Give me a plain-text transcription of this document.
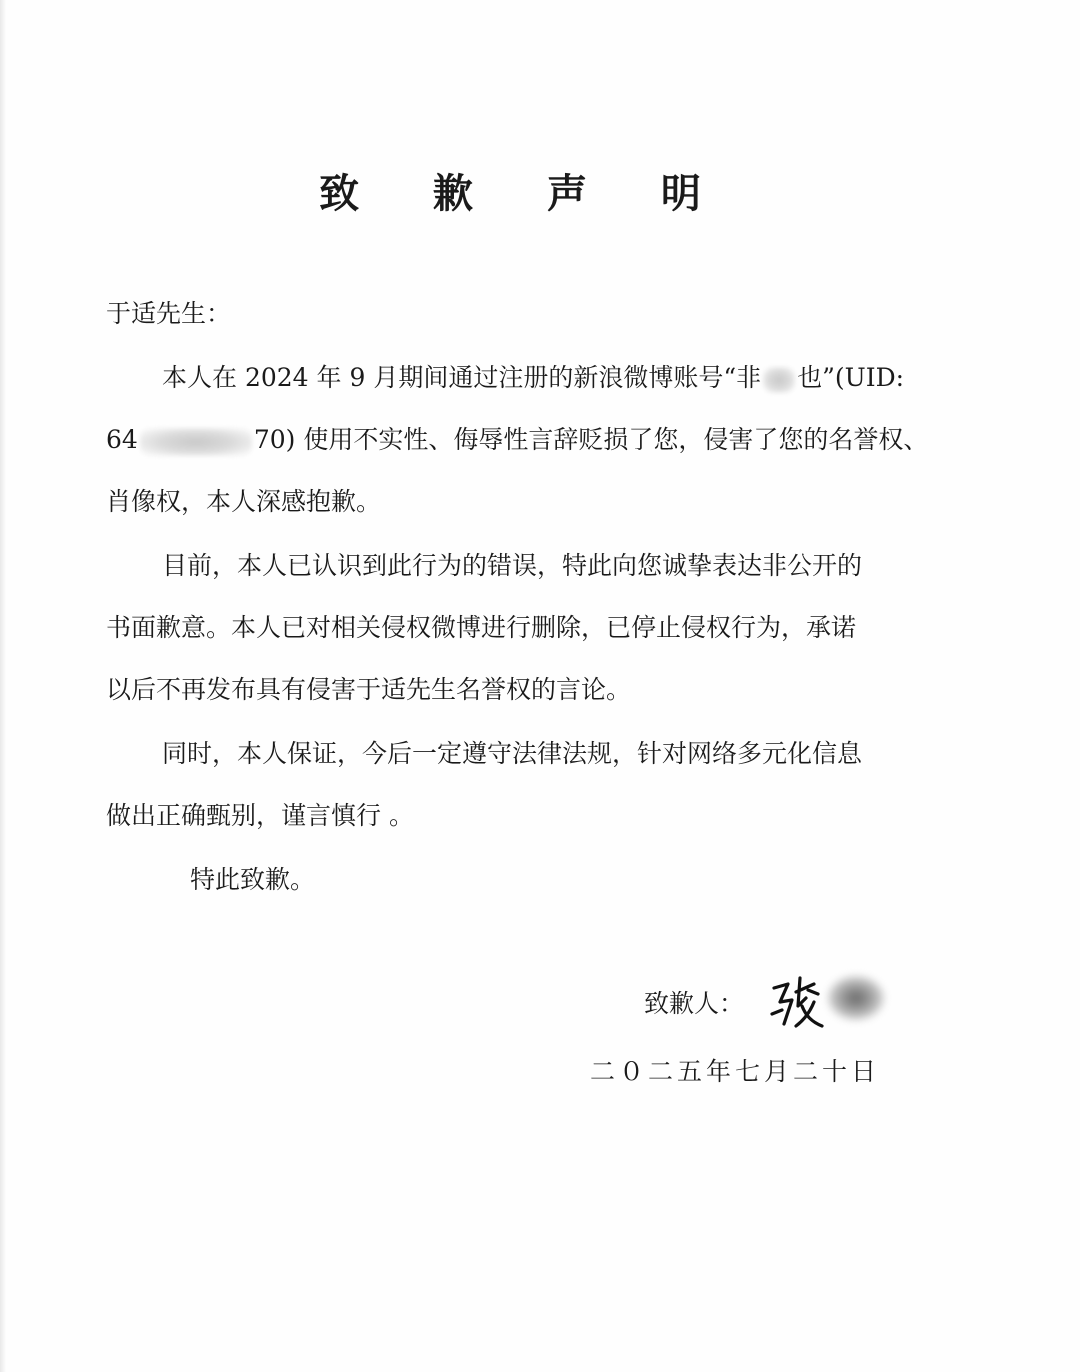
致 歉 声 明

于适先生：

本人在 2024 年 9 月期间通过注册的新浪微博账号“非 也”(UID:

64	70) 使用不实性、侮辱性言辞贬损了您，侵害了您的名誉权、

肖像权，本人深感抱歉。

目前，本人已认识到此行为的错误，特此向您诚挚表达非公开的

书面歉意。本人已对相关侵权微博进行删除，已停止侵权行为，承诺

以后不再发布具有侵害于适先生名誉权的言论。

同时，本人保证，今后一定遵守法律法规，针对网络多元化信息

做出正确甄别，谨言慎行 。

特此致歉。

致歉人：
二０二五年七月二十日
